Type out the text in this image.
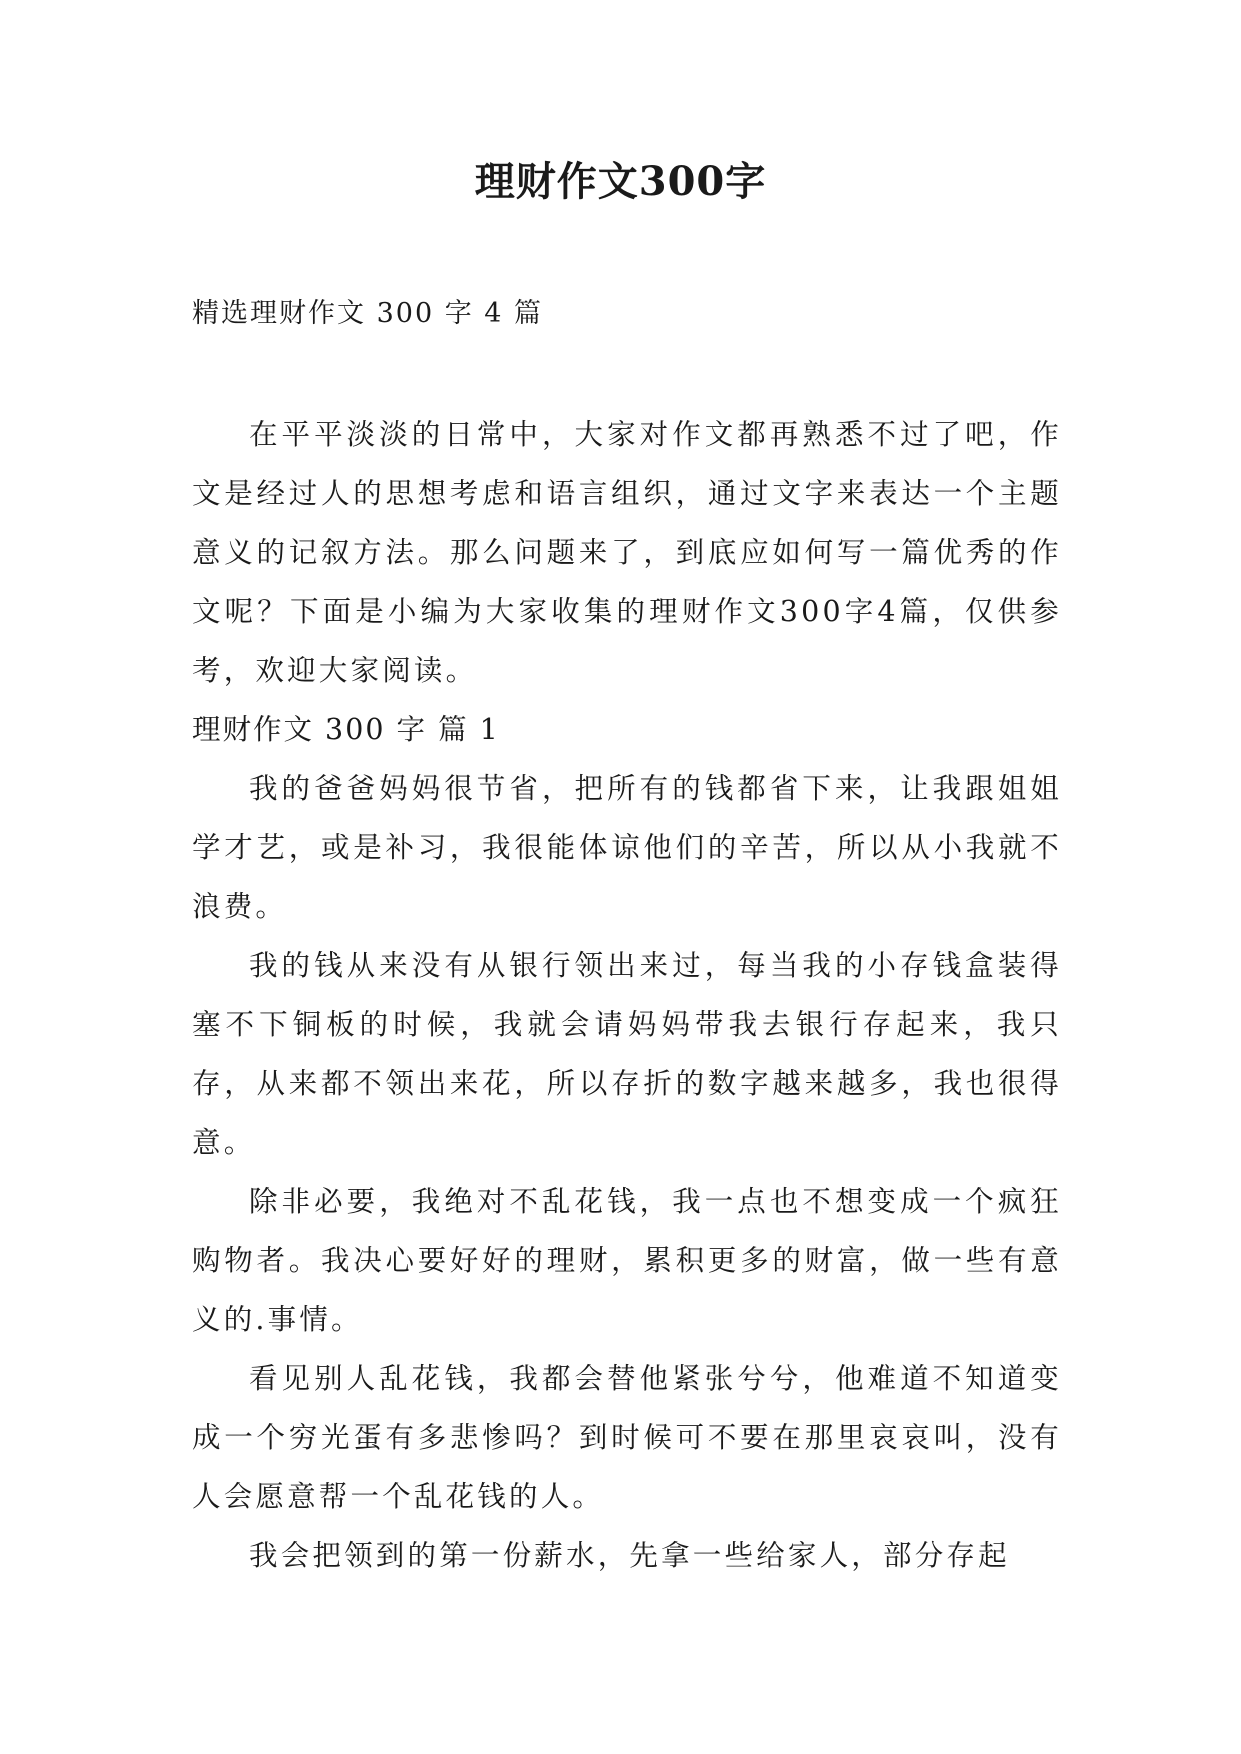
理财作文300字
精选理财作文 300 字 4 篇

在平平淡淡的日常中，大家对作文都再熟悉不过了吧，作文是经过人的思想考虑和语言组织，通过文字来表达一个主题意义的记叙方法。那么问题来了，到底应如何写一篇优秀的作文呢？下面是小编为大家收集的理财作文300字4篇，仅供参考，欢迎大家阅读。

理财作文 300 字 篇 1

我的爸爸妈妈很节省，把所有的钱都省下来，让我跟姐姐学才艺，或是补习，我很能体谅他们的辛苦，所以从小我就不浪费。

我的钱从来没有从银行领出来过，每当我的小存钱盒装得塞不下铜板的时候，我就会请妈妈带我去银行存起来，我只存，从来都不领出来花，所以存折的数字越来越多，我也很得意。

除非必要，我绝对不乱花钱，我一点也不想变成一个疯狂购物者。我决心要好好的理财，累积更多的财富，做一些有意义的.事情。

看见别人乱花钱，我都会替他紧张兮兮，他难道不知道变成一个穷光蛋有多悲惨吗？到时候可不要在那里哀哀叫，没有人会愿意帮一个乱花钱的人。

我会把领到的第一份薪水，先拿一些给家人，部分存起
